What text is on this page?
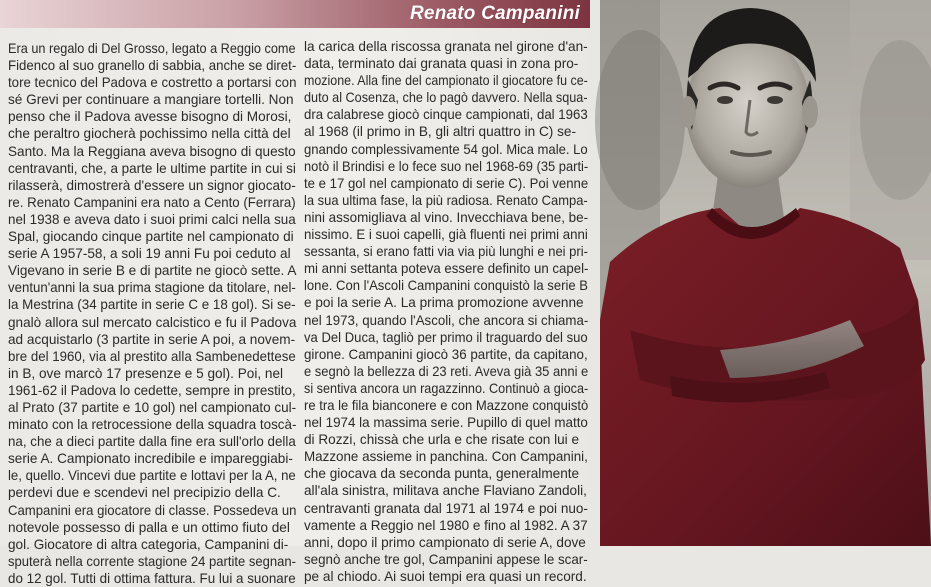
Renato Campanini
Era un regalo di Del Grosso, legato a Reggio come
Fidenco al suo granello di sabbia, anche se diret-
tore tecnico del Padova e costretto a portarsi con
sé Grevi per continuare a mangiare tortelli. Non
penso che il Padova avesse bisogno di Morosi,
che peraltro giocherà pochissimo nella città del
Santo. Ma la Reggiana aveva bisogno di questo
centravanti, che, a parte le ultime partite in cui si
rilasserà, dimostrerà d'essere un signor giocato-
re. Renato Campanini era nato a Cento (Ferrara)
nel 1938 e aveva dato i suoi primi calci nella sua
Spal, giocando cinque partite nel campionato di
serie A 1957-58, a soli 19 anni Fu poi ceduto al
Vigevano in serie B e di partite ne giocò sette. A
ventun'anni la sua prima stagione da titolare, nel-
la Mestrina (34 partite in serie C e 18 gol). Si se-
gnalò allora sul mercato calcistico e fu il Padova
ad acquistarlo (3 partite in serie A poi, a novem-
bre del 1960, via al prestito alla Sambenedettese
in B, ove marcò 17 presenze e 5 gol). Poi, nel
1961-62 il Padova lo cedette, sempre in prestito,
al Prato (37 partite e 10 gol) nel campionato cul-
minato con la retrocessione della squadra toscà-
na, che a dieci partite dalla fine era sull'orlo della
serie A. Campionato incredibile e impareggiabi-
le, quello. Vincevi due partite e lottavi per la A, ne
perdevi due e scendevi nel precipizio della C.
Campanini era giocatore di classe. Possedeva un
notevole possesso di palla e un ottimo fiuto del
gol. Giocatore di altra categoria, Campanini di-
sputerà nella corrente stagione 24 partite segnan-
do 12 gol. Tutti di ottima fattura. Fu lui a suonare
la carica della riscossa granata nel girone d'an-
data, terminato dai granata quasi in zona pro-
mozione. Alla fine del campionato il giocatore fu ce-
duto al Cosenza, che lo pagò davvero. Nella squa-
dra calabrese giocò cinque campionati, dal 1963
al 1968 (il primo in B, gli altri quattro in C) se-
gnando complessivamente 54 gol. Mica male. Lo
notò il Brindisi e lo fece suo nel 1968-69 (35 parti-
te e 17 gol nel campionato di serie C). Poi venne
la sua ultima fase, la più radiosa. Renato Campa-
nini assomigliava al vino. Invecchiava bene, be-
nissimo. E i suoi capelli, già fluenti nei primi anni
sessanta, si erano fatti via via più lunghi e nei pri-
mi anni settanta poteva essere definito un capel-
lone. Con l'Ascoli Campanini conquistò la serie B
e poi la serie A. La prima promozione avvenne
nel 1973, quando l'Ascoli, che ancora si chiama-
va Del Duca, tagliò per primo il traguardo del suo
girone. Campanini giocò 36 partite, da capitano,
e segnò la bellezza di 23 reti. Aveva già 35 anni e
si sentiva ancora un ragazzinno. Continuò a gioca-
re tra le fila bianconere e con Mazzone conquistò
nel 1974 la massima serie. Pupillo di quel matto
di Rozzi, chissà che urla e che risate con lui e
Mazzone assieme in panchina. Con Campanini,
che giocava da seconda punta, generalmente
all'ala sinistra, militava anche Flaviano Zandoli,
centravanti granata dal 1971 al 1974 e poi nuo-
vamente a Reggio nel 1980 e fino al 1982. A 37
anni, dopo il primo campionato di serie A, dove
segnò anche tre gol, Campanini appese le scar-
pe al chiodo. Ai suoi tempi era quasi un record.
